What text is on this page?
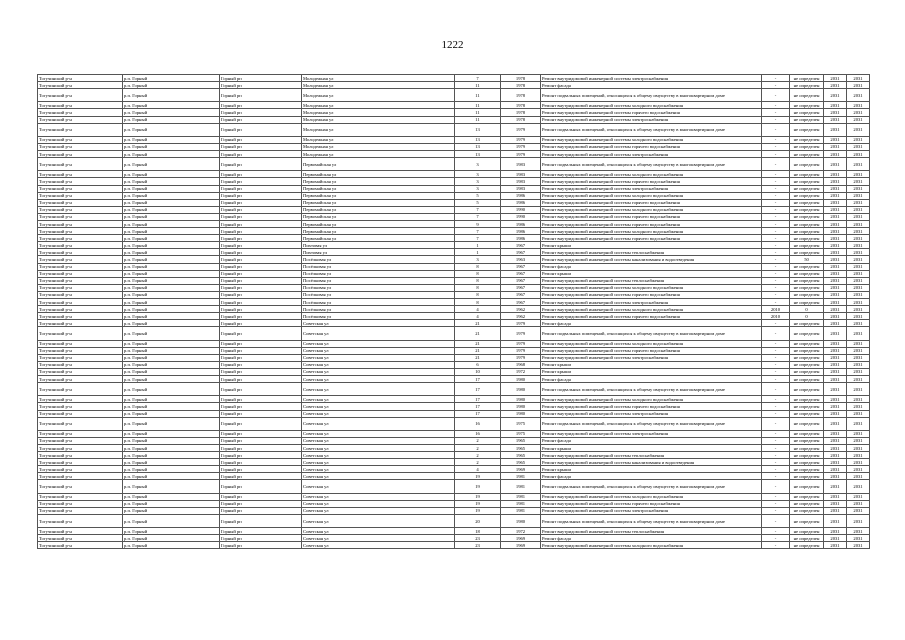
1222
Тогучинский р-н	р.п. Горный	Горный рп	Молодежная ул	7	1978	Ремонт внутридомовой инженерной системы электроснабжения	-	не определен	2031	2031
Тогучинский р-н	р.п. Горный	Горный рп	Молодежная ул	11	1978	Ремонт фасада	-	не определен	2031	2031
Тогучинский р-н	р.п. Горный	Горный рп	Молодежная ул	11	1978	Ремонт подвальных помещений, относящихся к общему имуществу в многоквартирном доме	-	не определен	2031	2031
Тогучинский р-н	р.п. Горный	Горный рп	Молодежная ул	11	1978	Ремонт внутридомовой инженерной системы холодного водоснабжения	-	не определен	2031	2031
Тогучинский р-н	р.п. Горный	Горный рп	Молодежная ул	11	1978	Ремонт внутридомовой инженерной системы горячего водоснабжения	-	не определен	2031	2031
Тогучинский р-н	р.п. Горный	Горный рп	Молодежная ул	11	1978	Ремонт внутридомовой инженерной системы электроснабжения	-	не определен	2031	2031
Тогучинский р-н	р.п. Горный	Горный рп	Молодежная ул	13	1979	Ремонт подвальных помещений, относящихся к общему имуществу в многоквартирном доме	-	не определен	2031	2031
Тогучинский р-н	р.п. Горный	Горный рп	Молодежная ул	13	1979	Ремонт внутридомовой инженерной системы холодного водоснабжения	-	не определен	2031	2031
Тогучинский р-н	р.п. Горный	Горный рп	Молодежная ул	13	1979	Ремонт внутридомовой инженерной системы горячего водоснабжения	-	не определен	2031	2031
Тогучинский р-н	р.п. Горный	Горный рп	Молодежная ул	13	1979	Ремонт внутридомовой инженерной системы электроснабжения	-	не определен	2031	2031
Тогучинский р-н	р.п. Горный	Горный рп	Первомайская ул	3	1983	Ремонт подвальных помещений, относящихся к общему имуществу в многоквартирном доме	-	не определен	2031	2031
Тогучинский р-н	р.п. Горный	Горный рп	Первомайская ул	3	1983	Ремонт внутридомовой инженерной системы холодного водоснабжения	-	не определен	2031	2031
Тогучинский р-н	р.п. Горный	Горный рп	Первомайская ул	3	1983	Ремонт внутридомовой инженерной системы горячего водоснабжения	-	не определен	2031	2031
Тогучинский р-н	р.п. Горный	Горный рп	Первомайская ул	3	1983	Ремонт внутридомовой инженерной системы электроснабжения	-	не определен	2031	2031
Тогучинский р-н	р.п. Горный	Горный рп	Первомайская ул	5	1986	Ремонт внутридомовой инженерной системы холодного водоснабжения	-	не определен	2031	2031
Тогучинский р-н	р.п. Горный	Горный рп	Первомайская ул	5	1986	Ремонт внутридомовой инженерной системы горячего водоснабжения	-	не определен	2031	2031
Тогучинский р-н	р.п. Горный	Горный рп	Первомайская ул	7	1990	Ремонт внутридомовой инженерной системы холодного водоснабжения	-	не определен	2031	2031
Тогучинский р-н	р.п. Горный	Горный рп	Первомайская ул	7	1990	Ремонт внутридомовой инженерной системы горячего водоснабжения	-	не определен	2031	2031
Тогучинский р-н	р.п. Горный	Горный рп	Первомайская ул	9	1986	Ремонт внутридомовой инженерной системы горячего водоснабжения	-	не определен	2031	2031
Тогучинский р-н	р.п. Горный	Горный рп	Первомайская ул	7	1986	Ремонт внутридомовой инженерной системы холодного водоснабжения	-	не определен	2031	2031
Тогучинский р-н	р.п. Горный	Горный рп	Первомайская ул	7	1986	Ремонт внутридомовой инженерной системы горячего водоснабжения	-	не определен	2031	2031
Тогучинский р-н	р.п. Горный	Горный рп	Пихтовая ул	1	1967	Ремонт крыши	-	не определен	2031	2031
Тогучинский р-н	р.п. Горный	Горный рп	Пихтовая ул	1	1967	Ремонт внутридомовой инженерной системы теплоснабжения	-	не определен	2031	2031
Тогучинский р-н	р.п. Горный	Горный рп	Посёлковая ул	3	1963	Ремонт внутридомовой инженерной системы канализования и водоотведения	-	50	2031	2031
Тогучинский р-н	р.п. Горный	Горный рп	Посёлковая ул	8	1967	Ремонт фасада	-	не определен	2031	2031
Тогучинский р-н	р.п. Горный	Горный рп	Посёлковая ул	8	1967	Ремонт крыши	-	не определен	2031	2031
Тогучинский р-н	р.п. Горный	Горный рп	Посёлковая ул	8	1967	Ремонт внутридомовой инженерной системы теплоснабжения	-	не определен	2031	2031
Тогучинский р-н	р.п. Горный	Горный рп	Посёлковая ул	8	1967	Ремонт внутридомовой инженерной системы холодного водоснабжения	-	не определен	2031	2031
Тогучинский р-н	р.п. Горный	Горный рп	Посёлковая ул	8	1967	Ремонт внутридомовой инженерной системы горячего водоснабжения	-	не определен	2031	2031
Тогучинский р-н	р.п. Горный	Горный рп	Посёлковая ул	8	1967	Ремонт внутридомовой инженерной системы электроснабжения	-	не определен	2031	2031
Тогучинский р-н	р.п. Горный	Горный рп	Посёлковая ул	4	1962	Ремонт внутридомовой инженерной системы холодного водоснабжения	2010	0	2031	2031
Тогучинский р-н	р.п. Горный	Горный рп	Посёлковая ул	4	1962	Ремонт внутридомовой инженерной системы горячего водоснабжения	2010	0	2031	2031
Тогучинский р-н	р.п. Горный	Горный рп	Советская ул	21	1979	Ремонт фасада	-	не определен	2031	2031
Тогучинский р-н	р.п. Горный	Горный рп	Советская ул	21	1979	Ремонт подвальных помещений, относящихся к общему имуществу в многоквартирном доме	-	не определен	2031	2031
Тогучинский р-н	р.п. Горный	Горный рп	Советская ул	21	1979	Ремонт внутридомовой инженерной системы холодного водоснабжения	-	не определен	2031	2031
Тогучинский р-н	р.п. Горный	Горный рп	Советская ул	21	1979	Ремонт внутридомовой инженерной системы горячего водоснабжения	-	не определен	2031	2031
Тогучинский р-н	р.п. Горный	Горный рп	Советская ул	21	1979	Ремонт внутридомовой инженерной системы электроснабжения	-	не определен	2031	2031
Тогучинский р-н	р.п. Горный	Горный рп	Советская ул	6	1968	Ремонт крыши	-	не определен	2031	2031
Тогучинский р-н	р.п. Горный	Горный рп	Советская ул	10	1972	Ремонт крыши	-	не определен	2031	2031
Тогучинский р-н	р.п. Горный	Горный рп	Советская ул	17	1980	Ремонт фасада	-	не определен	2031	2031
Тогучинский р-н	р.п. Горный	Горный рп	Советская ул	17	1980	Ремонт подвальных помещений, относящихся к общему имуществу в многоквартирном доме	-	не определен	2031	2031
Тогучинский р-н	р.п. Горный	Горный рп	Советская ул	17	1980	Ремонт внутридомовой инженерной системы холодного водоснабжения	-	не определен	2031	2031
Тогучинский р-н	р.п. Горный	Горный рп	Советская ул	17	1980	Ремонт внутридомовой инженерной системы горячего водоснабжения	-	не определен	2031	2031
Тогучинский р-н	р.п. Горный	Горный рп	Советская ул	17	1980	Ремонт внутридомовой инженерной системы электроснабжения	-	не определен	2031	2031
Тогучинский р-н	р.п. Горный	Горный рп	Советская ул	16	1975	Ремонт подвальных помещений, относящихся к общему имуществу в многоквартирном доме	-	не определен	2031	2031
Тогучинский р-н	р.п. Горный	Горный рп	Советская ул	16	1975	Ремонт внутридомовой инженерной системы электроснабжения	-	не определен	2031	2031
Тогучинский р-н	р.п. Горный	Горный рп	Советская ул	2	1965	Ремонт фасада	-	не определен	2031	2031
Тогучинский р-н	р.п. Горный	Горный рп	Советская ул	2	1965	Ремонт крыши	-	не определен	2031	2031
Тогучинский р-н	р.п. Горный	Горный рп	Советская ул	2	1965	Ремонт внутридомовой инженерной системы теплоснабжения	-	не определен	2031	2031
Тогучинский р-н	р.п. Горный	Горный рп	Советская ул	2	1965	Ремонт внутридомовой инженерной системы канализования и водоотведения	-	не определен	2031	2031
Тогучинский р-н	р.п. Горный	Горный рп	Советская ул	4	1969	Ремонт крыши	-	не определен	2031	2031
Тогучинский р-н	р.п. Горный	Горный рп	Советская ул	19	1981	Ремонт фасада	-	не определен	2031	2031
Тогучинский р-н	р.п. Горный	Горный рп	Советская ул	19	1981	Ремонт подвальных помещений, относящихся к общему имуществу в многоквартирном доме	-	не определен	2031	2031
Тогучинский р-н	р.п. Горный	Горный рп	Советская ул	19	1981	Ремонт внутридомовой инженерной системы холодного водоснабжения	-	не определен	2031	2031
Тогучинский р-н	р.п. Горный	Горный рп	Советская ул	19	1981	Ремонт внутридомовой инженерной системы горячего водоснабжения	-	не определен	2031	2031
Тогучинский р-н	р.п. Горный	Горный рп	Советская ул	19	1981	Ремонт внутридомовой инженерной системы электроснабжения	-	не определен	2031	2031
Тогучинский р-н	р.п. Горный	Горный рп	Советская ул	20	1980	Ремонт подвальных помещений, относящихся к общему имуществу в многоквартирном доме	-	не определен	2031	2031
Тогучинский р-н	р.п. Горный	Горный рп	Советская ул	18	1972	Ремонт внутридомовой инженерной системы теплоснабжения	-	не определен	2031	2031
Тогучинский р-н	р.п. Горный	Горный рп	Советская ул	23	1969	Ремонт фасада	-	не определен	2031	2031
Тогучинский р-н	р.п. Горный	Горный рп	Советская ул	23	1969	Ремонт внутридомовой инженерной системы холодного водоснабжения	-	не определен	2031	2031
